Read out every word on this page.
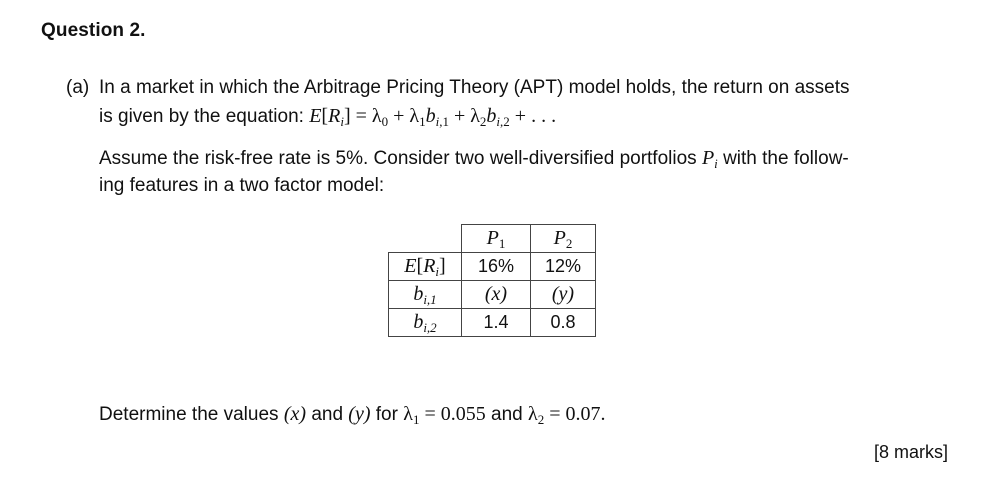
Question 2.
(a) In a market in which the Arbitrage Pricing Theory (APT) model holds, the return on assets
is given by the equation: $E[R_i] = \lambda_0 + \lambda_1b_{i,1} + \lambda_2b_{i,2}$ + . . .
Assume the risk-free rate is 5%. Consider two well-diversified portfolios $P_i$ with the follow-
ing features in a two factor model:
	$P_1$	$P_2$
$E[R_i]$	16%	12%
$b_{i,1}$	(x)	(y)
$b_{i,2}$	1.4	0.8
Determine the values (x) and (y) for $\lambda_1 = 0.055$ and $\lambda_2 = 0.07$.
[8 marks]
